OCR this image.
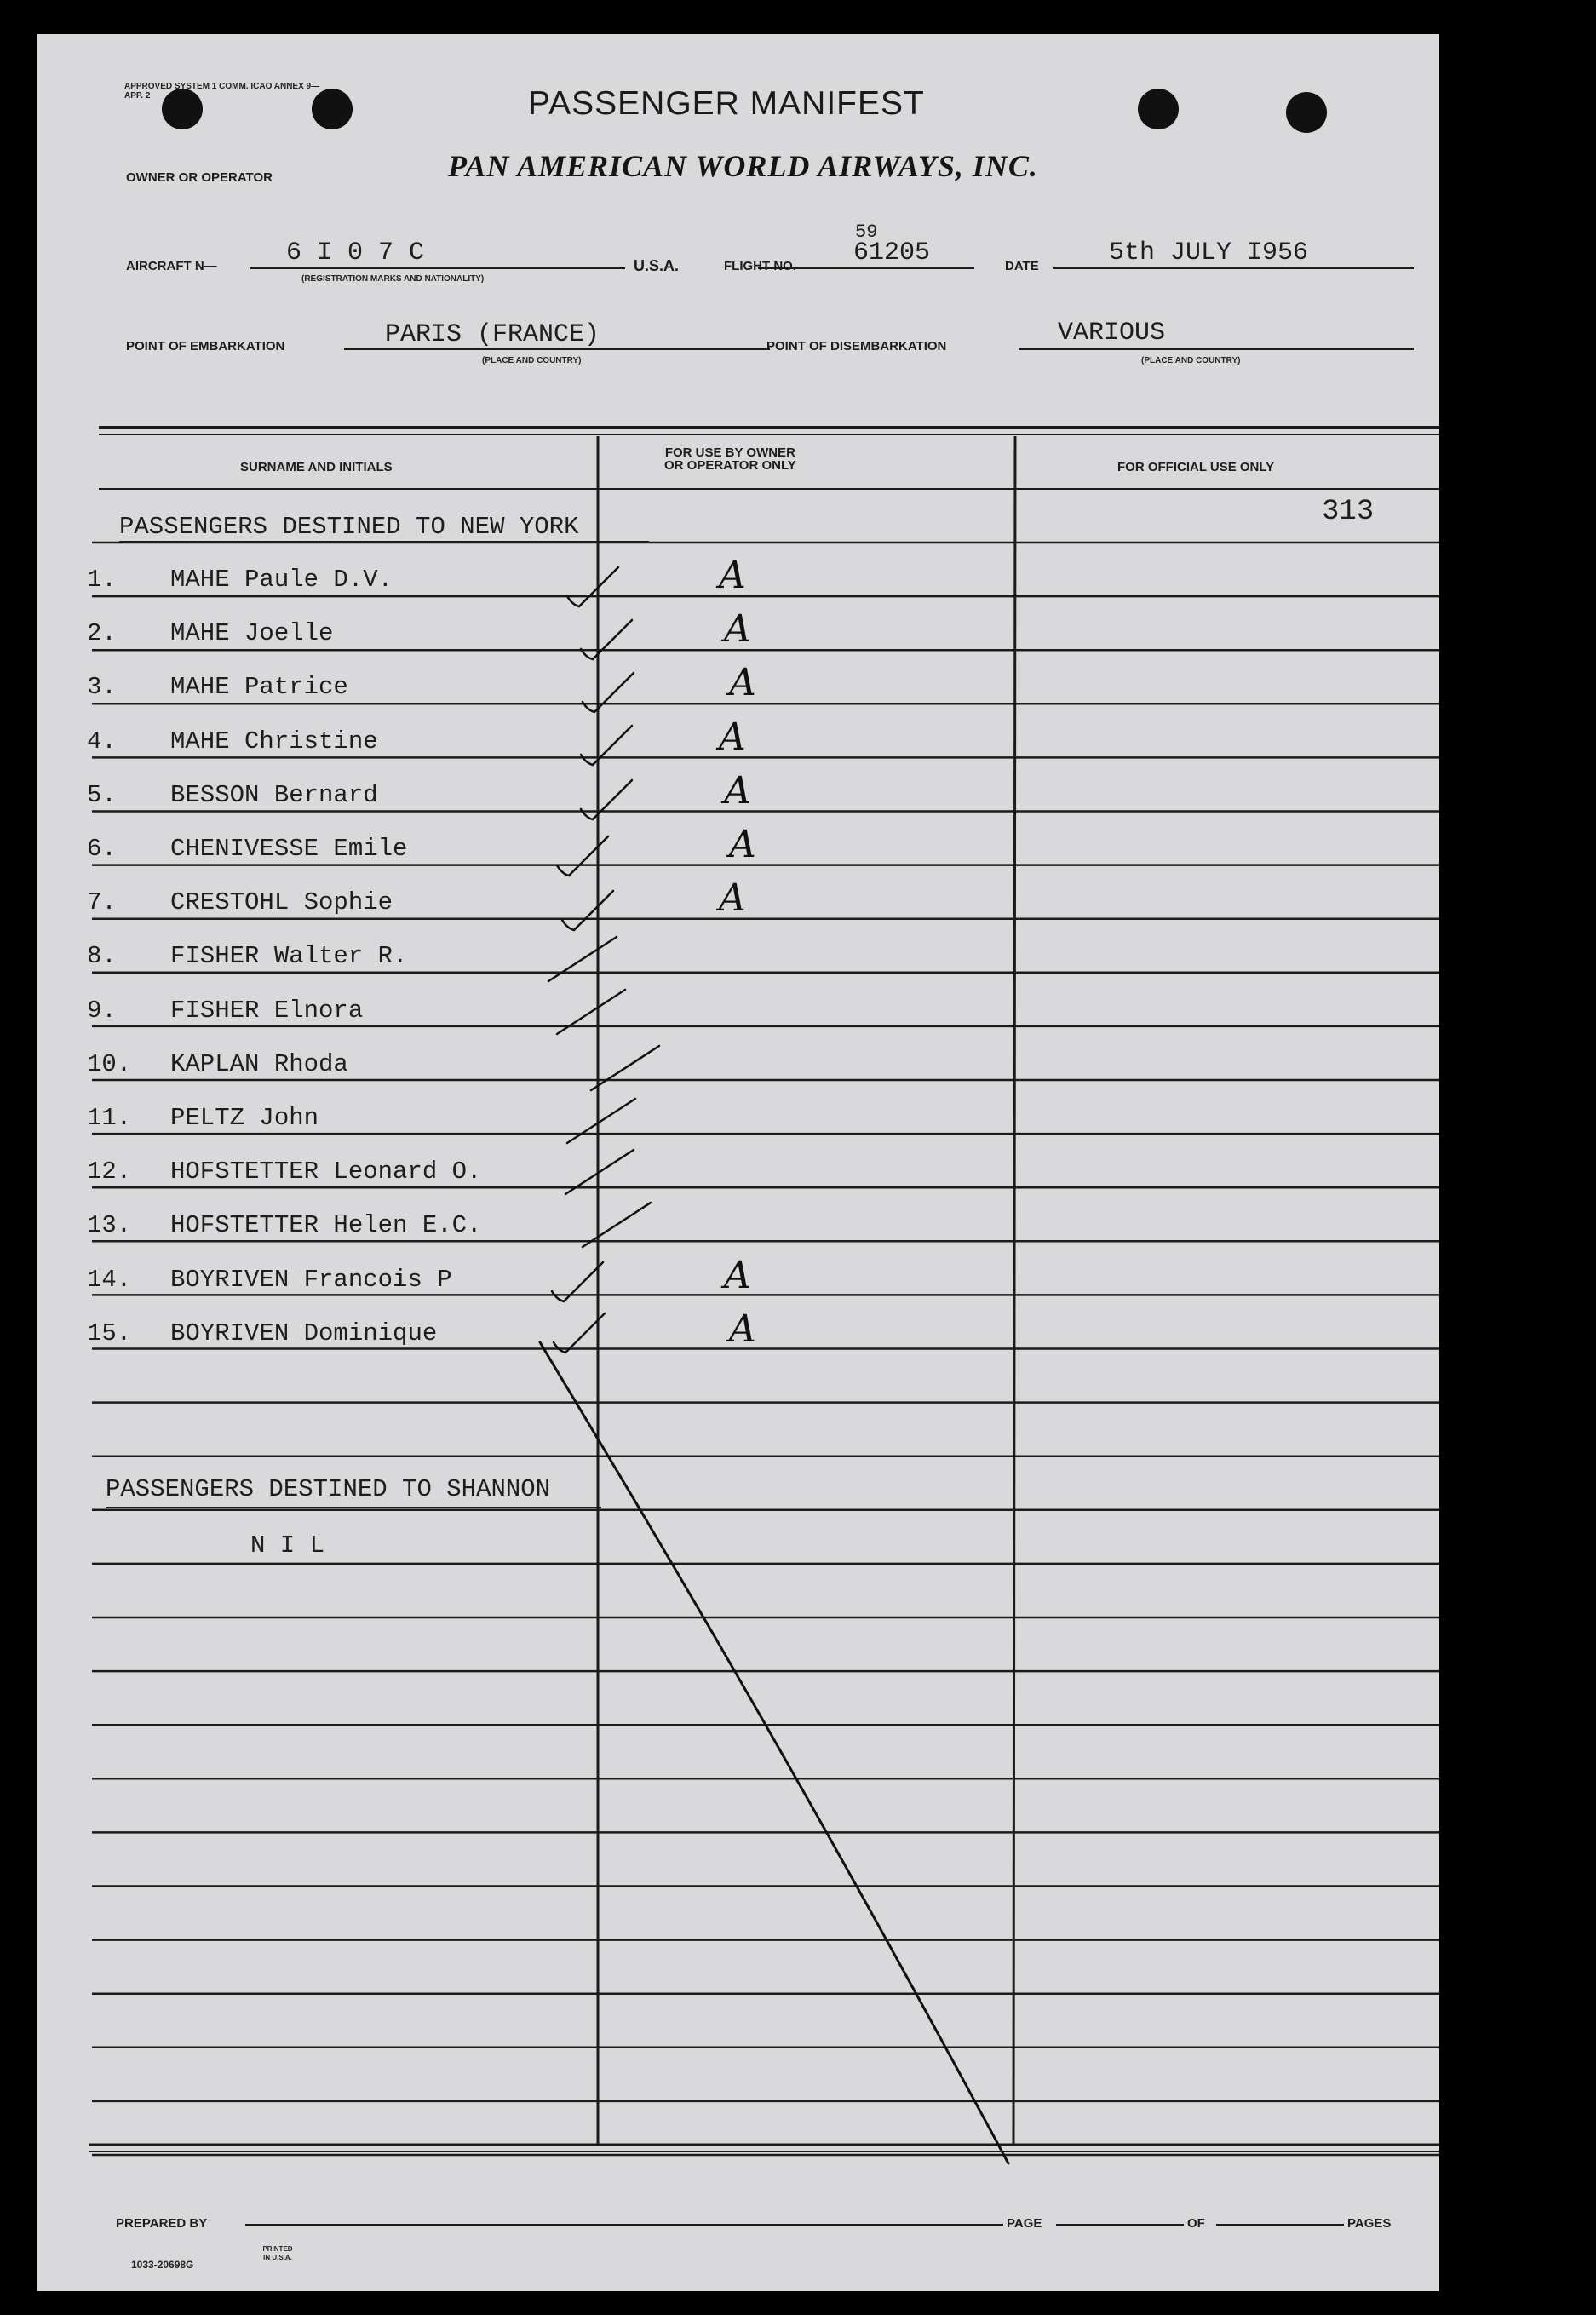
APPROVED SYSTEM 1 COMM. ICAO ANNEX 9—APP. 2	PASSENGER MANIFEST
OWNER OR OPERATOR	PAN AMERICAN WORLD AIRWAYS, INC.
AIRCRAFT N—	6 I 0 7 C
(REGISTRATION MARKS AND NATIONALITY)
U.S.A.	FLIGHT NO. 61205
59
DATE	5th JULY I956
POINT OF EMBARKATION	PARIS (FRANCE)
(PLACE AND COUNTRY)
POINT OF DISEMBARKATION	VARIOUS
(PLACE AND COUNTRY)
SURNAME AND INITIALS
FOR USE BY OWNER
OR OPERATOR ONLY	FOR OFFICIAL USE ONLY
313
PASSENGERS DESTINED TO NEW YORK
PASSENGERS DESTINED TO SHANNON
N I L
1. MAHE Paule D.V.	A
2. MAHE Joelle	A
3. MAHE Patrice	A
4. MAHE Christine	A
5. BESSON Bernard	A
6. CHENIVESSE Emile	A
7. CRESTOHL Sophie	A
8. FISHER Walter R.
9. FISHER Elnora
10. KAPLAN Rhoda
11. PELTZ John
12. HOFSTETTER Leonard O.
13. HOFSTETTER Helen E.C.
14. BOYRIVEN Francois P	A
15. BOYRIVEN Dominique	A
PREPARED BY	PAGE	OF	PAGES
1033-20698G
PRINTED IN U.S.A.
